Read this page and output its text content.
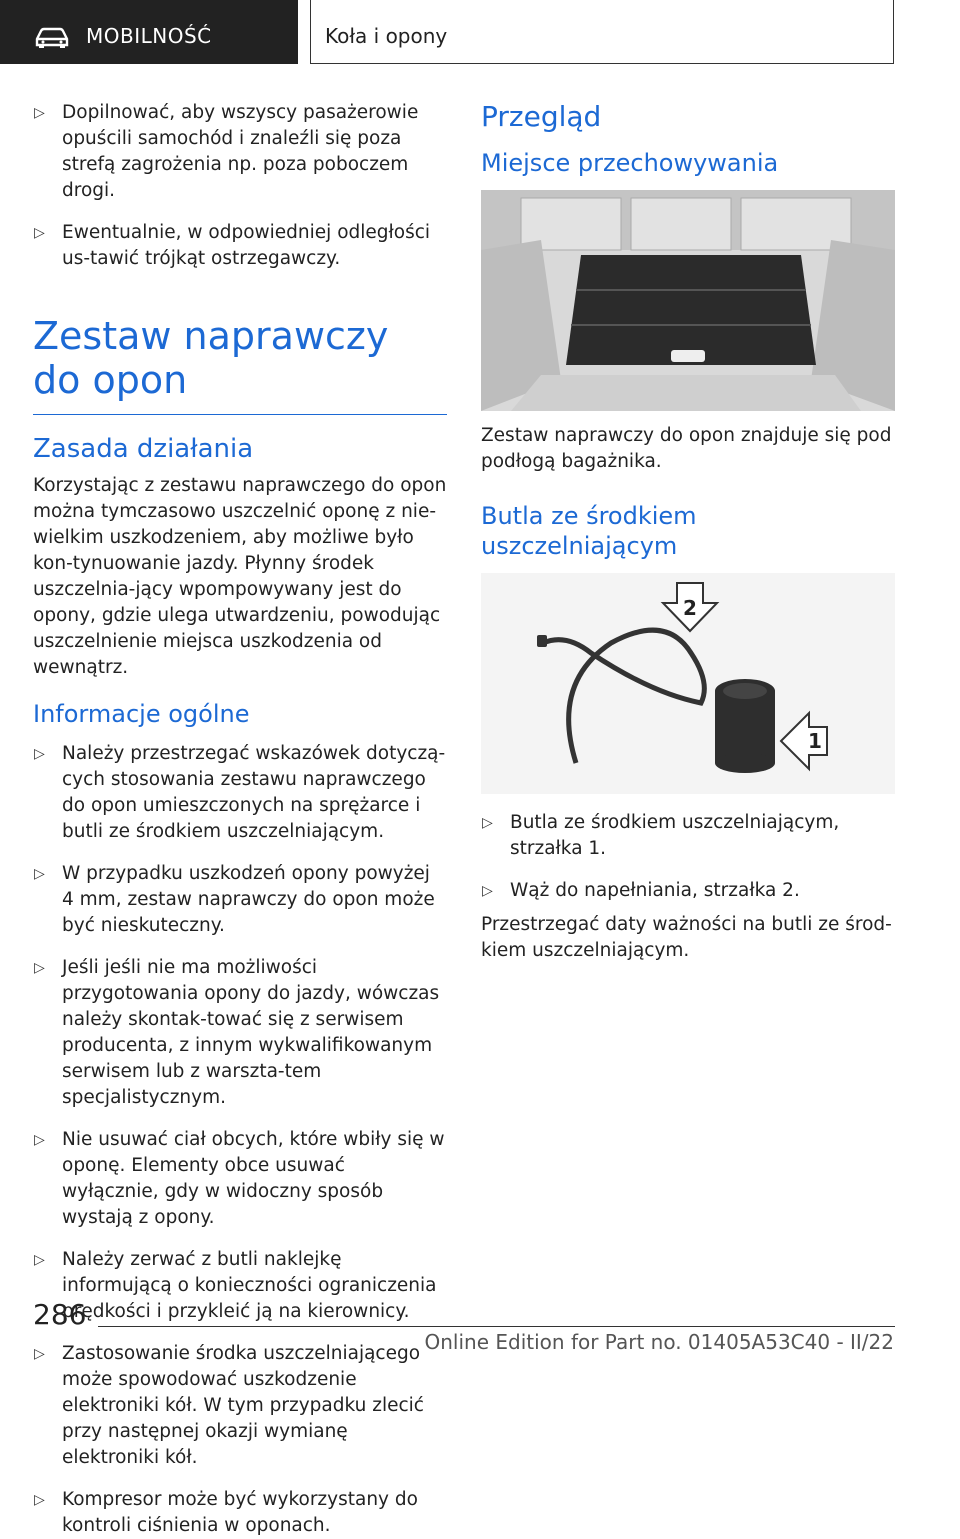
MOBILNOŚĆ	Koła i opony
▷ Dopilnować, aby wszyscy pasażerowie opuścili samochód i znaleźli się poza strefą zagrożenia np. poza poboczem drogi.
▷ Ewentualnie, w odpowiedniej odległości us-tawić trójkąt ostrzegawczy.
Zestaw naprawczy do opon
Zasada działania

Korzystając z zestawu naprawczego do opon można tymczasowo uszczelnić oponę z nie-wielkim uszkodzeniem, aby możliwe było kon-tynuowanie jazdy. Płynny środek uszczelnia-jący wpompowywany jest do opony, gdzie ulega utwardzeniu, powodując uszczelnienie miejsca uszkodzenia od wewnątrz.

Informacje ogólne
▷ Należy przestrzegać wskazówek dotyczą-cych stosowania zestawu naprawczego do opon umieszczonych na sprężarce i butli ze środkiem uszczelniającym.
▷ W przypadku uszkodzeń opony powyżej 4 mm, zestaw naprawczy do opon może być nieskuteczny.
▷ Jeśli jeśli nie ma możliwości przygotowania opony do jazdy, wówczas należy skontak-tować się z serwisem producenta, z innym wykwalifikowanym serwisem lub z warszta-tem specjalistycznym.
▷ Nie usuwać ciał obcych, które wbiły się w oponę. Elementy obce usuwać wyłącznie, gdy w widoczny sposób wystają z opony.
▷ Należy zerwać z butli naklejkę informującą o konieczności ograniczenia prędkości i przykleić ją na kierownicy.
▷ Zastosowanie środka uszczelniającego może spowodować uszkodzenie elektroniki kół. W tym przypadku zlecić przy następnej okazji wymianę elektroniki kół.
▷ Kompresor może być wykorzystany do kontroli ciśnienia w oponach.
Przegląd
Miejsce przechowywania

Zestaw naprawczy do opon znajduje się pod podłogą bagażnika.

Butla ze środkiem uszczelniającym
2
1
▷ Butla ze środkiem uszczelniającym, strzałka 1.
▷ Wąż do napełniania, strzałka 2.

Przestrzegać daty ważności na butli ze środ-kiem uszczelniającym.

286
Online Edition for Part no. 01405A53C40 - II/22
